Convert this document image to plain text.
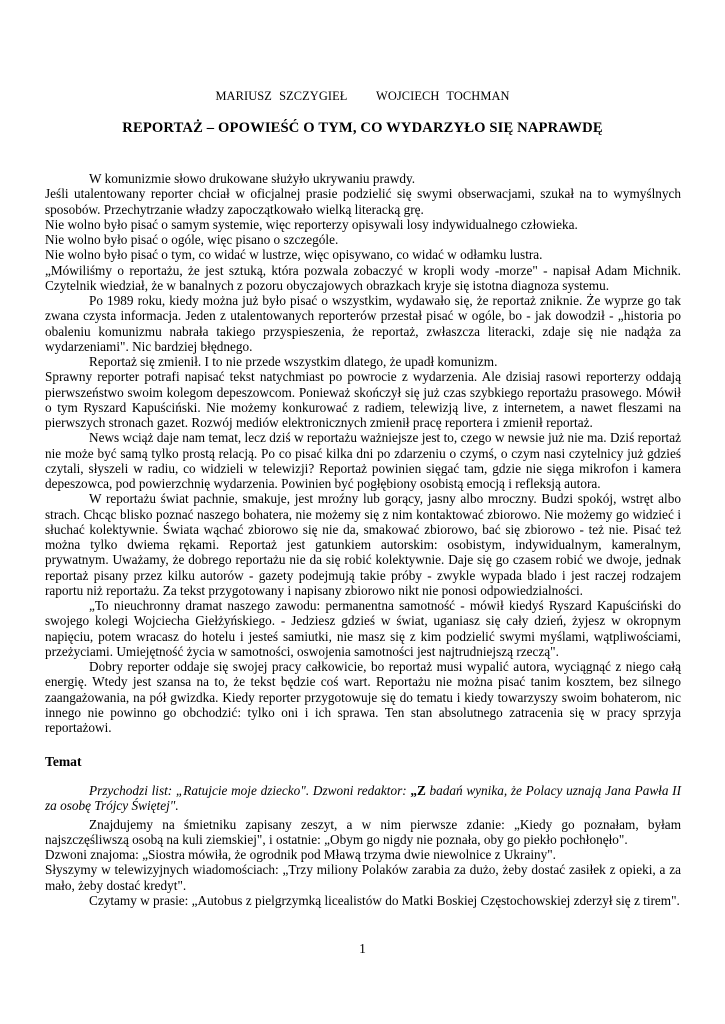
MARIUSZ SZCZYGIEŁ    WOJCIECH TOCHMAN
REPORTAŻ – OPOWIEŚĆ O TYM, CO WYDARZYŁO SIĘ NAPRAWDĘ

W komunizmie słowo drukowane służyło ukrywaniu prawdy.

Jeśli utalentowany reporter chciał w oficjalnej prasie podzielić się swymi obserwacjami, szukał na to wymyślnych sposobów. Przechytrzanie władzy zapoczątkowało wielką literacką grę.

Nie wolno było pisać o samym systemie, więc reporterzy opisywali losy indywidualnego człowieka.

Nie wolno było pisać o ogóle, więc pisano o szczególe.

Nie wolno było pisać o tym, co widać w lustrze, więc opisywano, co widać w odłamku lustra.

„Mówiliśmy o reportażu, że jest sztuką, która pozwala zobaczyć w kropli wody -morze" - napisał Adam Michnik. Czytelnik wiedział, że w banalnych z pozoru obyczajowych obrazkach kryje się istotna diagnoza systemu.

Po 1989 roku, kiedy można już było pisać o wszystkim, wydawało się, że reportaż zniknie. Że wyprze go tak zwana czysta informacja. Jeden z utalentowanych reporterów przestał pisać w ogóle, bo - jak dowodził - „historia po obaleniu komunizmu nabrała takiego przyspieszenia, że reportaż, zwłaszcza literacki, zdaje się nie nadąża za wydarzeniami". Nic bardziej błędnego.

Reportaż się zmienił. I to nie przede wszystkim dlatego, że upadł komunizm.

Sprawny reporter potrafi napisać tekst natychmiast po powrocie z wydarzenia. Ale dzisiaj rasowi reporterzy oddają pierwszeństwo swoim kolegom depeszowcom. Ponieważ skończył się już czas szybkiego reportażu prasowego. Mówił o tym Ryszard Kapuściński. Nie możemy konkurować z radiem, telewizją live, z internetem, a nawet fleszami na pierwszych stronach gazet. Rozwój mediów elektronicznych zmienił pracę reportera i zmienił reportaż.

News wciąż daje nam temat, lecz dziś w reportażu ważniejsze jest to, czego w newsie już nie ma. Dziś reportaż nie może być samą tylko prostą relacją. Po co pisać kilka dni po zdarzeniu o czymś, o czym nasi czytelnicy już gdzieś czytali, słyszeli w radiu, co widzieli w telewizji? Reportaż powinien sięgać tam, gdzie nie sięga mikrofon i kamera depeszowca, pod powierzchnię wydarzenia. Powinien być pogłębiony osobistą emocją i refleksją autora.

W reportażu świat pachnie, smakuje, jest mroźny lub gorący, jasny albo mroczny. Budzi spokój, wstręt albo strach. Chcąc blisko poznać naszego bohatera, nie możemy się z nim kontaktować zbiorowo. Nie możemy go widzieć i słuchać kolektywnie. Świata wąchać zbiorowo się nie da, smakować zbiorowo, bać się zbiorowo - też nie. Pisać też można tylko dwiema rękami. Reportaż jest gatunkiem autorskim: osobistym, indywidualnym, kameralnym, prywatnym. Uważamy, że dobrego reportażu nie da się robić kolektywnie. Daje się go czasem robić we dwoje, jednak reportaż pisany przez kilku autorów - gazety podejmują takie próby - zwykle wypada blado i jest raczej rodzajem raportu niż reportażu. Za tekst przygotowany i napisany zbiorowo nikt nie ponosi odpowiedzialności.

„To nieuchronny dramat naszego zawodu: permanentna samotność - mówił kiedyś Ryszard Kapuściński do swojego kolegi Wojciecha Giełżyńskiego. - Jedziesz gdzieś w świat, uganiasz się cały dzień, żyjesz w okropnym napięciu, potem wracasz do hotelu i jesteś samiutki, nie masz się z kim podzielić swymi myślami, wątpliwościami, przeżyciami. Umiejętność życia w samotności, oswojenia samotności jest najtrudniejszą rzeczą".

Dobry reporter oddaje się swojej pracy całkowicie, bo reportaż musi wypalić autora, wyciągnąć z niego całą energię. Wtedy jest szansa na to, że tekst będzie coś wart. Reportażu nie można pisać tanim kosztem, bez silnego zaangażowania, na pół gwizdka. Kiedy reporter przygotowuje się do tematu i kiedy towarzyszy swoim bohaterom, nic innego nie powinno go obchodzić: tylko oni i ich sprawa. Ten stan absolutnego zatracenia się w pracy sprzyja reportażowi.

Temat

Przychodzi list: „Ratujcie moje dziecko". Dzwoni redaktor: „Z badań wynika, że Polacy uznają Jana Pawła II za osobę Trójcy Świętej".

Znajdujemy na śmietniku zapisany zeszyt, a w nim pierwsze zdanie: „Kiedy go poznałam, byłam najszczęśliwszą osobą na kuli ziemskiej", i ostatnie: „Obym go nigdy nie poznała, oby go piekło pochłonęło".

Dzwoni znajoma: „Siostra mówiła, że ogrodnik pod Mławą trzyma dwie niewolnice z Ukrainy".

Słyszymy w telewizyjnych wiadomościach: „Trzy miliony Polaków zarabia za dużo, żeby dostać zasiłek z opieki, a za mało, żeby dostać kredyt".

Czytamy w prasie: „Autobus z pielgrzymką licealistów do Matki Boskiej Częstochowskiej zderzył się z tirem".

1
